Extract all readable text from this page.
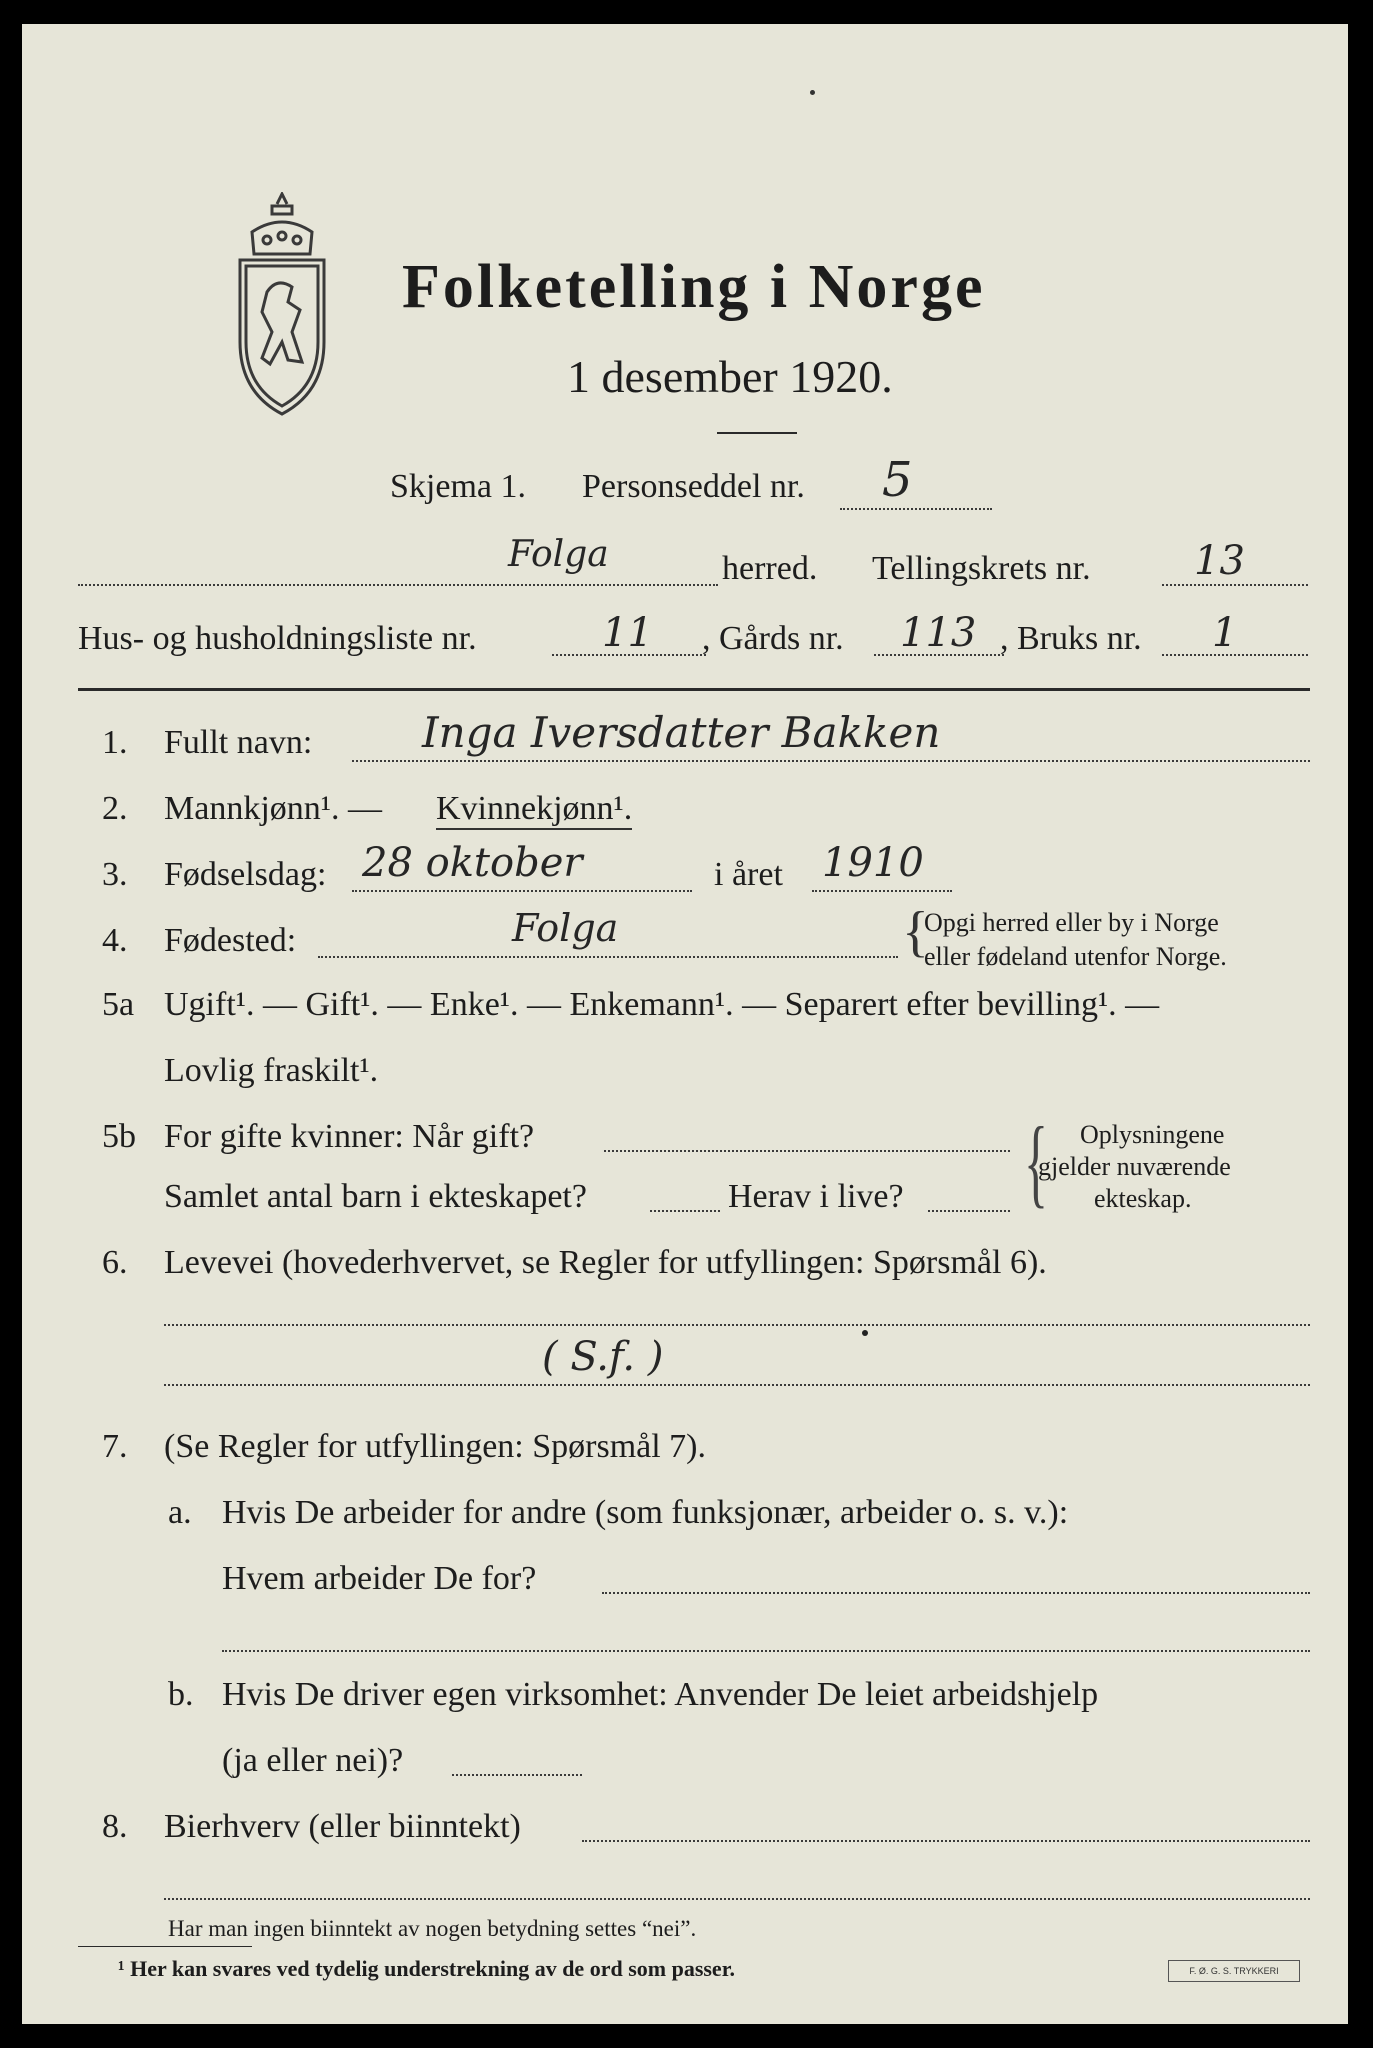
Folketelling i Norge
1 desember 1920.
Skjema 1. Personseddel nr. 5
Folga	herred. Tellingskrets nr.	13
Hus- og husholdningsliste nr.	11 , Gårds nr. 113 , Bruks nr. 1
1. Fullt navn:	Inga Iversdatter Bakken
2. Mannkjønn¹. — Kvinnekjønn¹.
3. Fødselsdag: 28 oktober	i året 1910
4. Fødested:	Folga	{
Opgi herred eller by i Norge
eller fødeland utenfor Norge.
5a Ugift¹. — Gift¹. — Enke¹. — Enkemann¹. — Separert efter bevilling¹. —
Lovlig fraskilt¹.
5b For gifte kvinner: Når gift?
Samlet antal barn i ekteskapet?	Herav i live? { Oplysningene
gjelder nuværende
ekteskap.
6. Levevei (hovederhvervet, se Regler for utfyllingen: Spørsmål 6).
( S.f. )
7. (Se Regler for utfyllingen: Spørsmål 7).
a. Hvis De arbeider for andre (som funksjonær, arbeider o. s. v.):
Hvem arbeider De for?
b. Hvis De driver egen virksomhet: Anvender De leiet arbeidshjelp
(ja eller nei)?
8. Bierhverv (eller biinntekt)
Har man ingen biinntekt av nogen betydning settes “nei”.
¹ Her kan svares ved tydelig understrekning av de ord som passer.	F. Ø. G. S. TRYKKERI
